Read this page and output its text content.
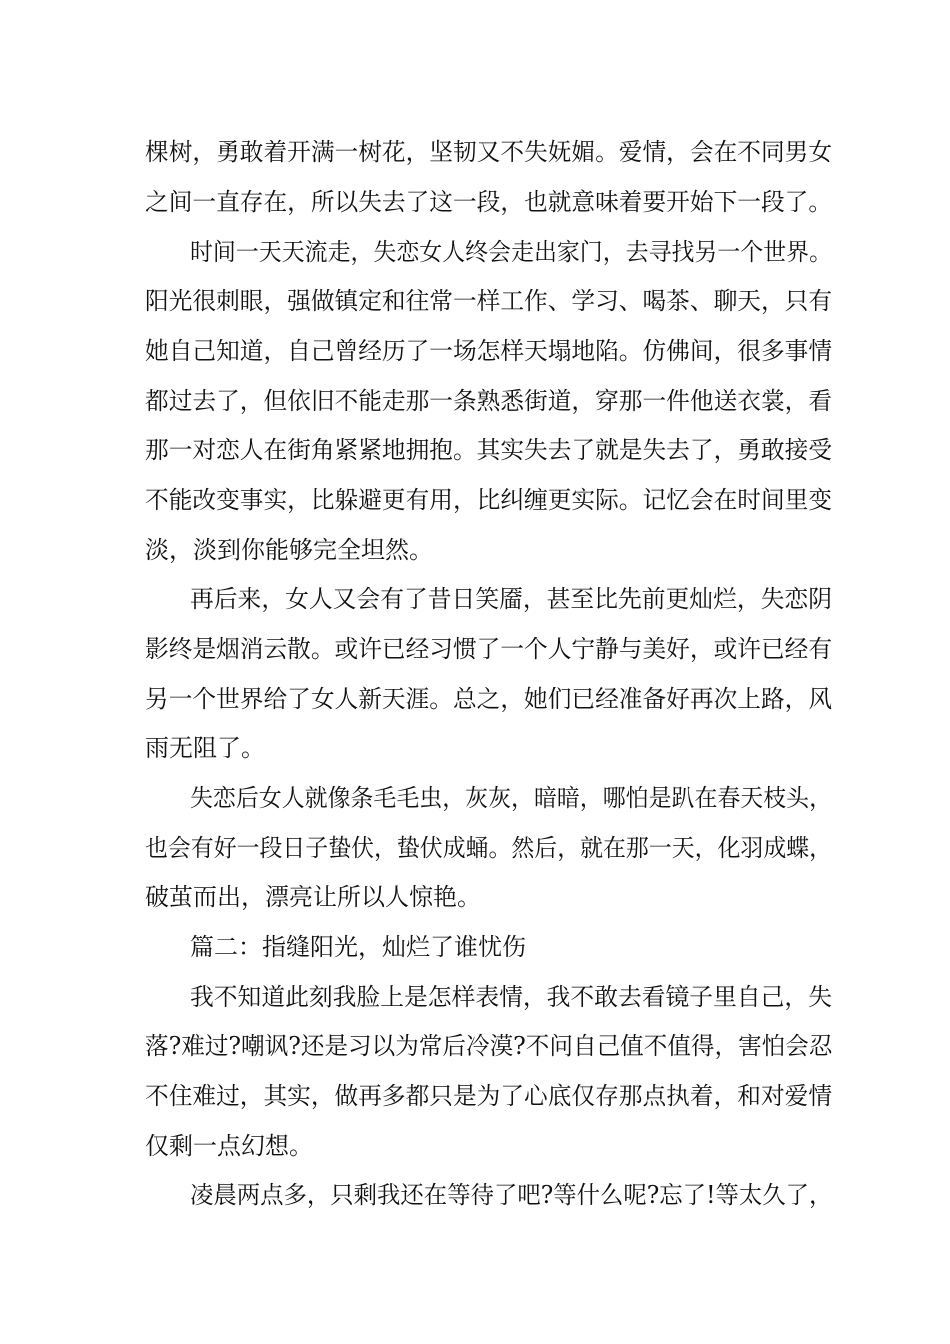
棵树，勇敢着开满一树花，坚韧又不失妩媚。爱情，会在不同男女
之间一直存在，所以失去了这一段，也就意味着要开始下一段了。
时间一天天流走，失恋女人终会走出家门，去寻找另一个世界。
阳光很刺眼，强做镇定和往常一样工作、学习、喝茶、聊天，只有
她自己知道，自己曾经历了一场怎样天塌地陷。仿佛间，很多事情
都过去了，但依旧不能走那一条熟悉街道，穿那一件他送衣裳，看
那一对恋人在街角紧紧地拥抱。其实失去了就是失去了，勇敢接受
不能改变事实，比躲避更有用，比纠缠更实际。记忆会在时间里变
淡，淡到你能够完全坦然。
再后来，女人又会有了昔日笑靥，甚至比先前更灿烂，失恋阴
影终是烟消云散。或许已经习惯了一个人宁静与美好，或许已经有
另一个世界给了女人新天涯。总之，她们已经准备好再次上路，风
雨无阻了。
失恋后女人就像条毛毛虫，灰灰，暗暗，哪怕是趴在春天枝头，
也会有好一段日子蛰伏，蛰伏成蛹。然后，就在那一天，化羽成蝶，
破茧而出，漂亮让所以人惊艳。
篇二：指缝阳光，灿烂了谁忧伤
我不知道此刻我脸上是怎样表情，我不敢去看镜子里自己，失
落?难过?嘲讽?还是习以为常后冷漠?不问自己值不值得，害怕会忍
不住难过，其实，做再多都只是为了心底仅存那点执着，和对爱情
仅剩一点幻想。
凌晨两点多，只剩我还在等待了吧?等什么呢?忘了!等太久了，
